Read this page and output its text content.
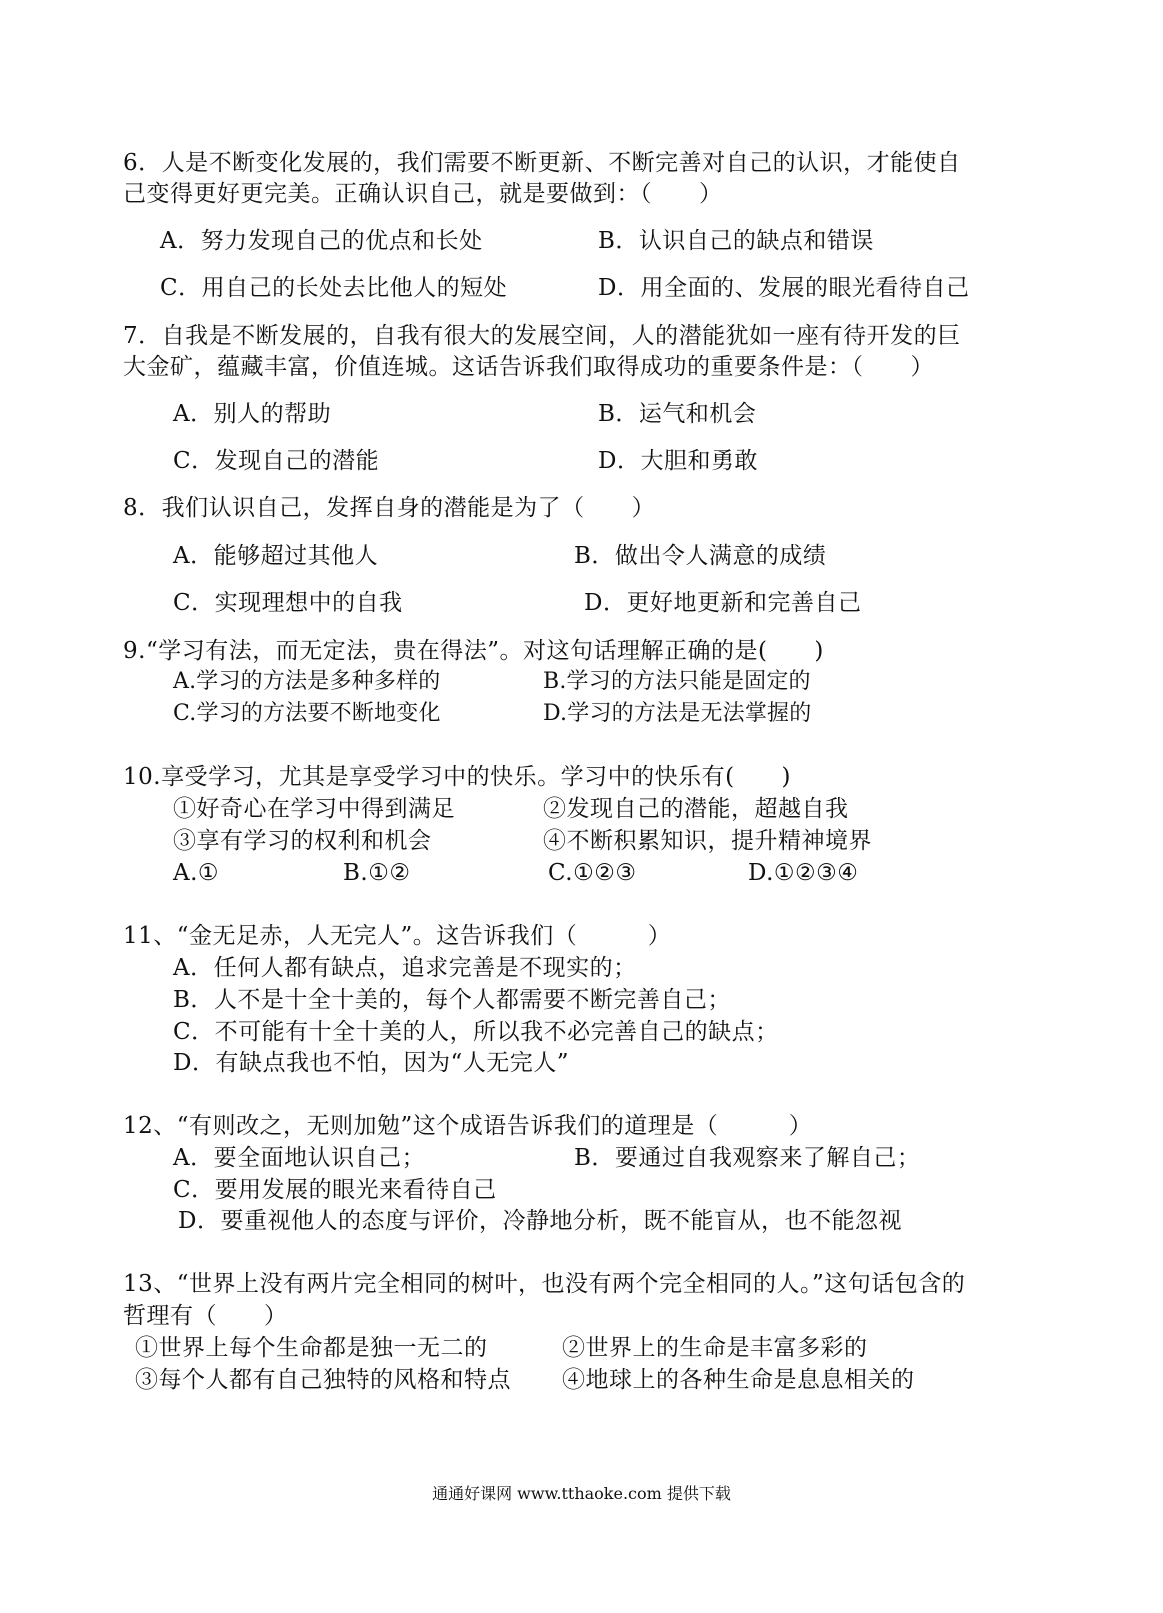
6．人是不断变化发展的，我们需要不断更新、不断完善对自己的认识，才能使自
己变得更好更完美。正确认识自己，就是要做到：（　　）
A．努力发现自己的优点和长处	B．认识自己的缺点和错误
C．用自己的长处去比他人的短处	D．用全面的、发展的眼光看待自己
7．自我是不断发展的，自我有很大的发展空间，人的潜能犹如一座有待开发的巨
大金矿，蕴藏丰富，价值连城。这话告诉我们取得成功的重要条件是：（　　）
A．别人的帮助	B．运气和机会
C．发现自己的潜能	D．大胆和勇敢
8．我们认识自己，发挥自身的潜能是为了（　　）
A．能够超过其他人	B．做出令人满意的成绩
C．实现理想中的自我	D．更好地更新和完善自己
9.“学习有法，而无定法，贵在得法”。对这句话理解正确的是(　　)
A.学习的方法是多种多样的	B.学习的方法只能是固定的
C.学习的方法要不断地变化	D.学习的方法是无法掌握的
10.享受学习，尤其是享受学习中的快乐。学习中的快乐有(　　)
①好奇心在学习中得到满足	②发现自己的潜能，超越自我
③享有学习的权利和机会	④不断积累知识，提升精神境界
A.①	B.①②	C.①②③	D.①②③④
11、“金无足赤，人无完人”。这告诉我们（　　　）
A．任何人都有缺点，追求完善是不现实的；
B．人不是十全十美的，每个人都需要不断完善自己；
C．不可能有十全十美的人，所以我不必完善自己的缺点；
D．有缺点我也不怕，因为“人无完人”
12、“有则改之，无则加勉”这个成语告诉我们的道理是（　　　）
A．要全面地认识自己；	B．要通过自我观察来了解自己；
C．要用发展的眼光来看待自己
D．要重视他人的态度与评价，冷静地分析，既不能盲从，也不能忽视
13、“世界上没有两片完全相同的树叶，也没有两个完全相同的人。”这句话包含的
哲理有（　　）
①世界上每个生命都是独一无二的	②世界上的生命是丰富多彩的
③每个人都有自己独特的风格和特点 ④地球上的各种生命是息息相关的
通通好课网 www.tthaoke.com 提供下载
